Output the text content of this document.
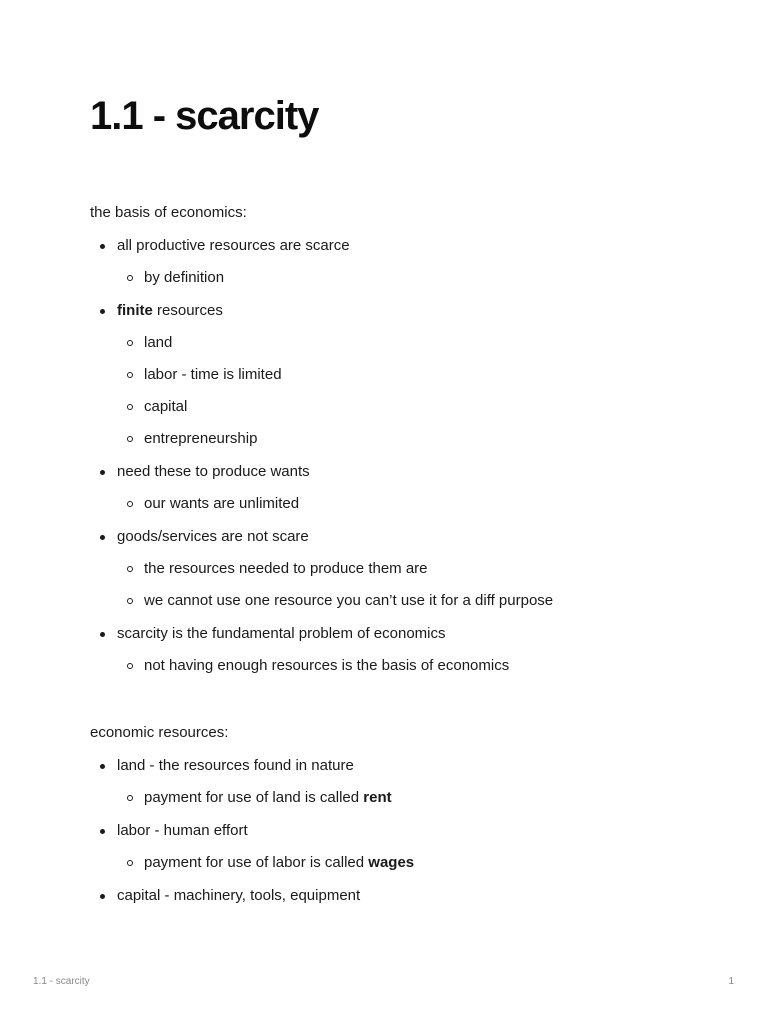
1.1 - scarcity

the basis of economics:

all productive resources are scarce
by definition
finite resources
land
labor - time is limited
capital
entrepreneurship
need these to produce wants
our wants are unlimited
goods/services are not scare
the resources needed to produce them are
we cannot use one resource you can’t use it for a diff purpose
scarcity is the fundamental problem of economics
not having enough resources is the basis of economics

economic resources:

land - the resources found in nature
payment for use of land is called rent
labor - human effort
payment for use of labor is called wages
capital - machinery, tools, equipment
1.1 - scarcity	1
